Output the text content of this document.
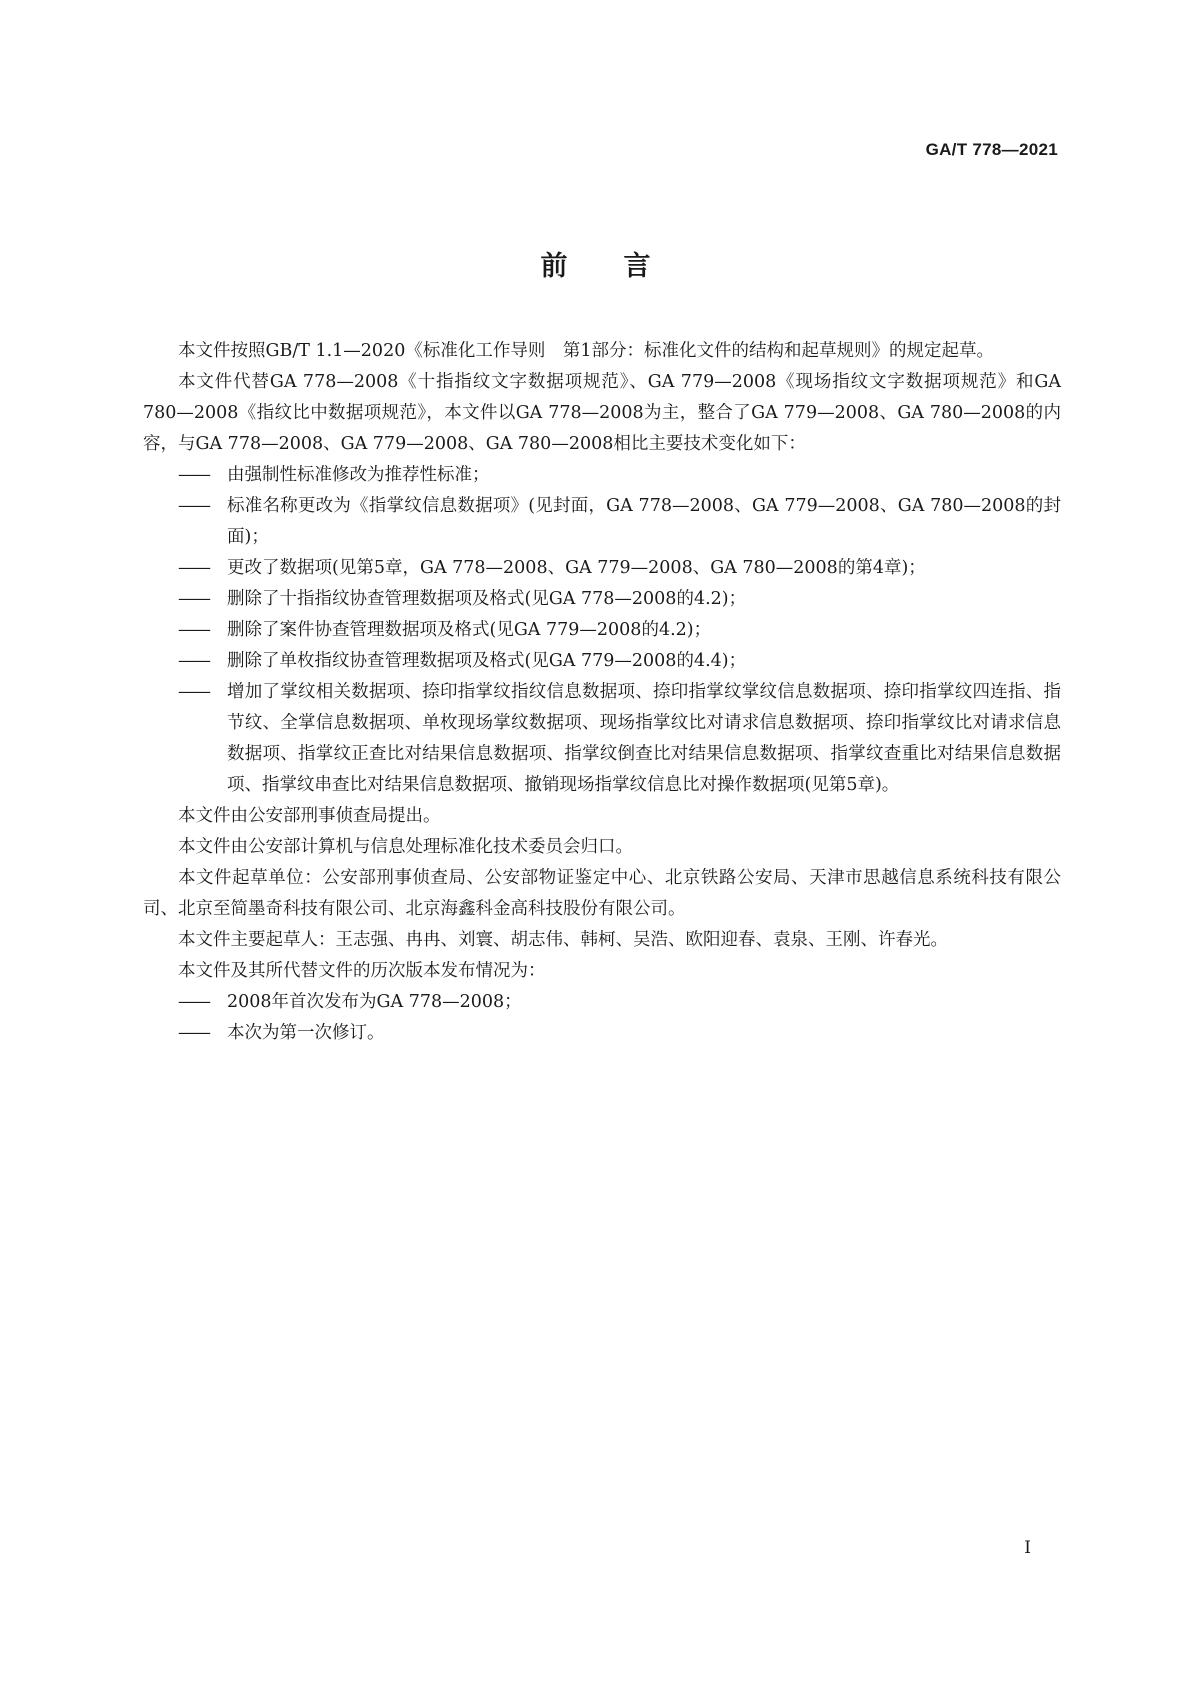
GA/T 778—2021
前言

本文件按照GB/T 1.1—2020《标准化工作导则　第1部分：标准化文件的结构和起草规则》的规定起草。

本文件代替GA 778—2008《十指指纹文字数据项规范》、GA 779—2008《现场指纹文字数据项规范》和GA 780—2008《指纹比中数据项规范》，本文件以GA 778—2008为主，整合了GA 779—2008、GA 780—2008的内容，与GA 778—2008、GA 779—2008、GA 780—2008相比主要技术变化如下：

—— 由强制性标准修改为推荐性标准；

—— 标准名称更改为《指掌纹信息数据项》(见封面，GA 778—2008、GA 779—2008、GA 780—2008的封面)；

—— 更改了数据项(见第5章，GA 778—2008、GA 779—2008、GA 780—2008的第4章)；

—— 删除了十指指纹协查管理数据项及格式(见GA 778—2008的4.2)；

—— 删除了案件协查管理数据项及格式(见GA 779—2008的4.2)；

—— 删除了单枚指纹协查管理数据项及格式(见GA 779—2008的4.4)；

—— 增加了掌纹相关数据项、捺印指掌纹指纹信息数据项、捺印指掌纹掌纹信息数据项、捺印指掌纹四连指、指节纹、全掌信息数据项、单枚现场掌纹数据项、现场指掌纹比对请求信息数据项、捺印指掌纹比对请求信息数据项、指掌纹正查比对结果信息数据项、指掌纹倒查比对结果信息数据项、指掌纹查重比对结果信息数据项、指掌纹串查比对结果信息数据项、撤销现场指掌纹信息比对操作数据项(见第5章)。

本文件由公安部刑事侦查局提出。

本文件由公安部计算机与信息处理标准化技术委员会归口。

本文件起草单位：公安部刑事侦查局、公安部物证鉴定中心、北京铁路公安局、天津市思越信息系统科技有限公司、北京至简墨奇科技有限公司、北京海鑫科金高科技股份有限公司。

本文件主要起草人：王志强、冉冉、刘寰、胡志伟、韩柯、吴浩、欧阳迎春、袁泉、王刚、许春光。

本文件及其所代替文件的历次版本发布情况为：

—— 2008年首次发布为GA 778—2008；

—— 本次为第一次修订。

I
